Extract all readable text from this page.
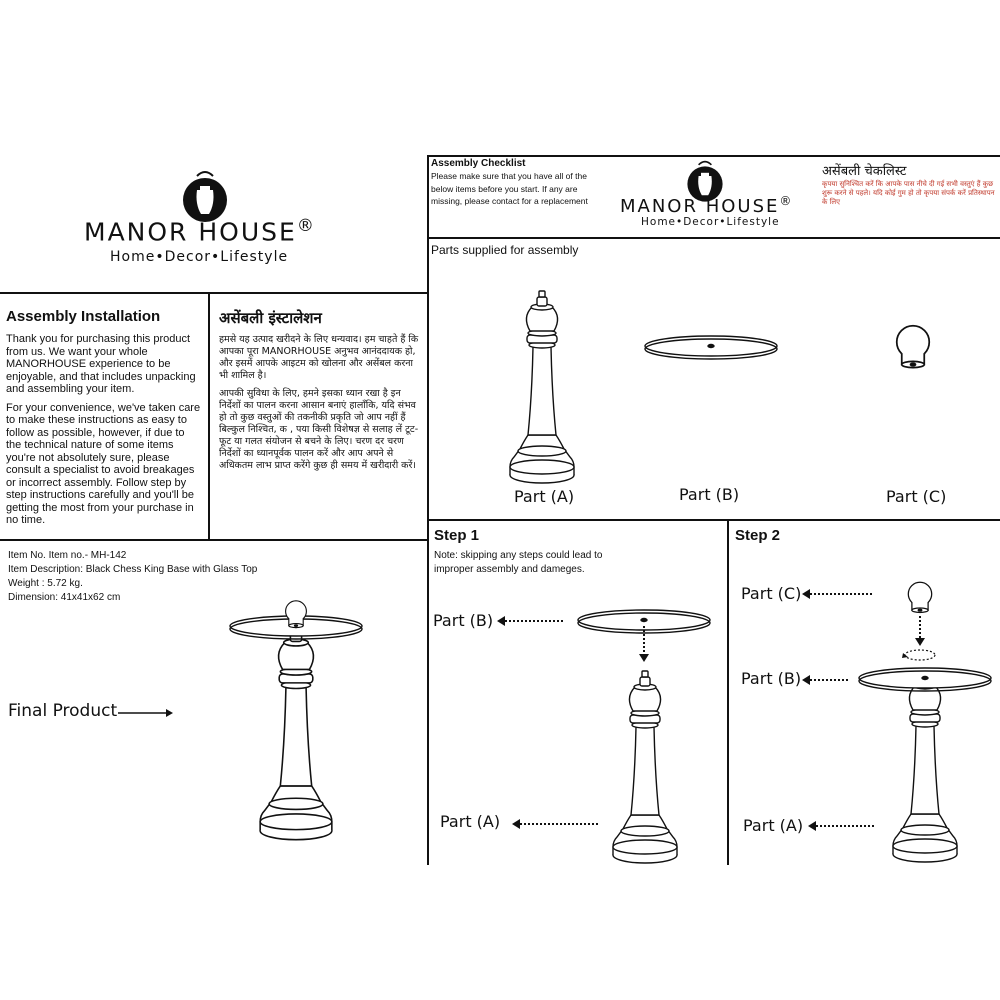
MANOR HOUSE®
Home•Decor•Lifestyle
Assembly Installation

Thank you for purchasing this product from us. We want your whole MANORHOUSE experience to be enjoyable, and that includes unpacking and assembling your item.

For your convenience, we've taken care to make these instructions as easy to follow as possible, however, if due to the technical nature of some items you're not absolutely sure, please consult a specialist to avoid breakages or incorrect assembly. Follow step by step instructions carefully and you'll be getting the most from your purchase in no time.

असेंबली इंस्टालेशन

हमसे यह उत्पाद खरीदने के लिए धन्यवाद। हम चाहते हैं कि आपका पूरा MANORHOUSE अनुभव आनंददायक हो, और इसमें आपके आइटम को खोलना और असेंबल करना भी शामिल है।

आपकी सुविधा के लिए, हमने इसका ध्यान रखा है इन निर्देशों का पालन करना आसान बनाएं हालाँकि, यदि संभव हो तो कुछ वस्तुओं की तकनीकी प्रकृति जो आप नहीं हैं बिल्कुल निश्चित, क , पया किसी विशेषज्ञ से सलाह लें टूट-फूट या गलत संयोजन से बचने के लिए। चरण दर चरण निर्देशों का ध्यानपूर्वक पालन करें और आप अपने से अधिकतम लाभ प्राप्त करेंगे कुछ ही समय में खरीदारी करें।

Item No. Item no.- MH-142
Item Description: Black Chess King Base with Glass Top
Weight : 5.72 kg.
Dimension: 41x41x62 cm
Final Product
Assembly Checklist
Please make sure that you have all of the below items before you start. If any are missing, please contact for a replacement	MANOR HOUSE®
Home•Decor•Lifestyle
असेंबली चेकलिस्ट
कृपया सुनिश्चित करें कि आपके पास नीचे दी गई सभी वस्तुएं हैं कुछ शुरू करने से पहले। यदि कोई गुम हो तो कृपया संपर्क करें प्रतिस्थापन के लिए
Parts supplied for assembly
Part (A)	Part (B)	Part (C)
Step 1
Note: skipping any steps could lead to improper assembly and dameges.
Part (B)
Part (A)
Step 2
Part (C)
Part (B)
Part (A)
